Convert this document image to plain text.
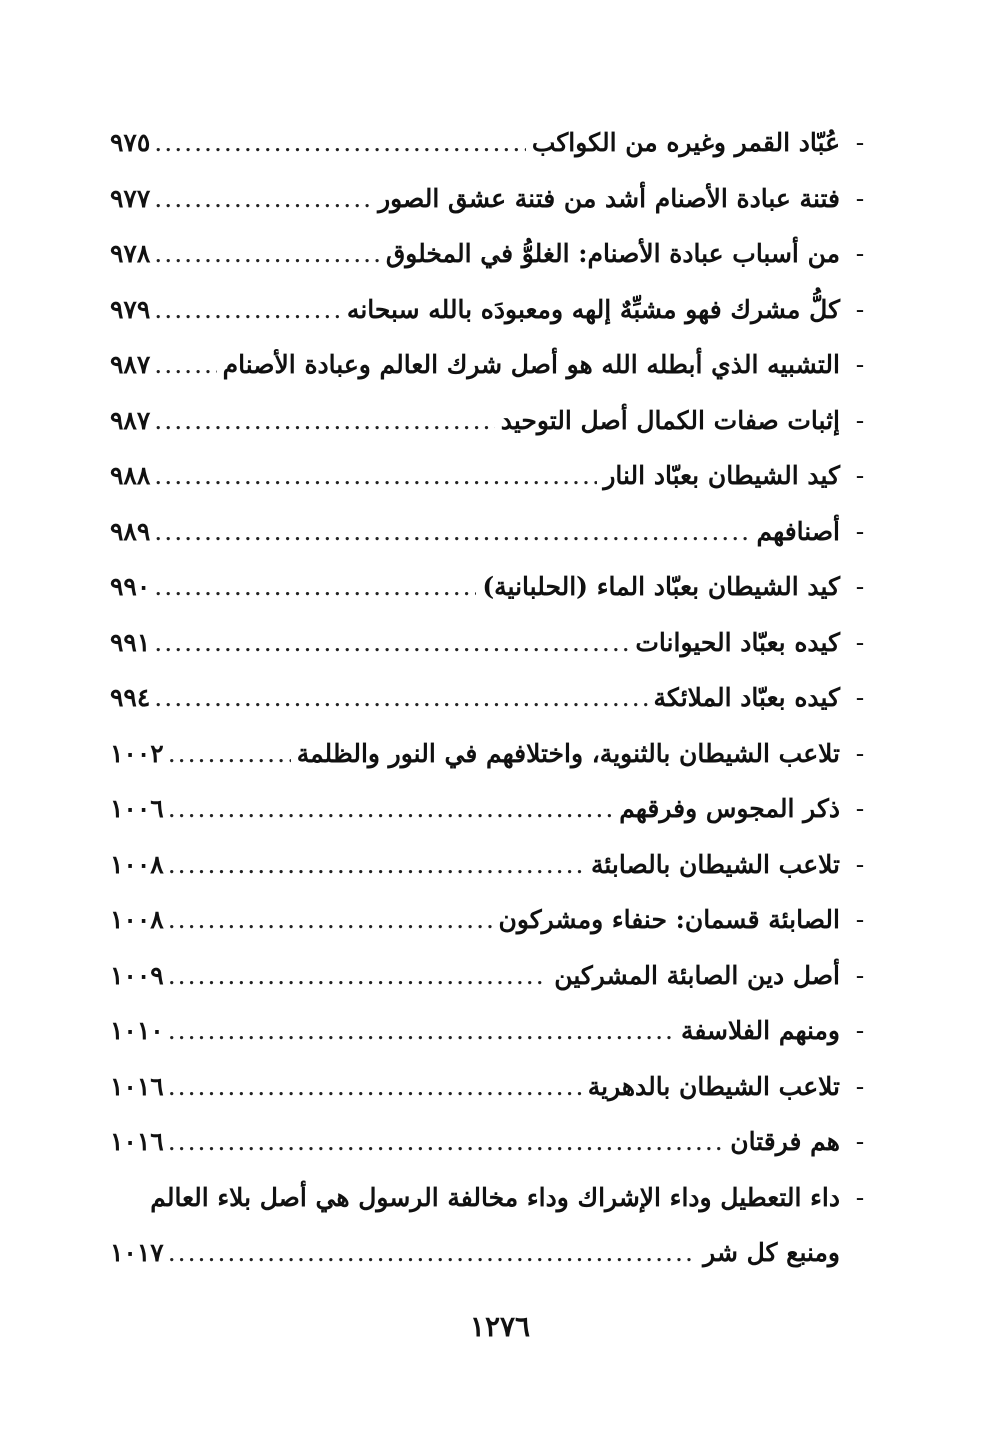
-
عُبّاد القمر وغيره من الكواكب
.....
٩٧٥
-
فتنة عبادة الأصنام أشد من فتنة عشق الصور
.....
٩٧٧
-
من أسباب عبادة الأصنام: الغلوُّ في المخلوق
.....
٩٧٨
-
كلُّ مشرك فهو مشبِّهٌ إلهه ومعبودَه بالله سبحانه
.....
٩٧٩
-
التشبيه الذي أبطله الله هو أصل شرك العالم وعبادة الأصنام
.....
٩٨٧
-
إثبات صفات الكمال أصل التوحيد
.....
٩٨٧
-
كيد الشيطان بعبّاد النار
.....
٩٨٨
-
أصنافهم
.....
٩٨٩
-
كيد الشيطان بعبّاد الماء (الحلبانية)
.....
٩٩٠
-
كيده بعبّاد الحيوانات
.....
٩٩١
-
كيده بعبّاد الملائكة
.....
٩٩٤
-
تلاعب الشيطان بالثنوية، واختلافهم في النور والظلمة
.....
١٠٠٢
-
ذكر المجوس وفرقهم
.....
١٠٠٦
-
تلاعب الشيطان بالصابئة
.....
١٠٠٨
-
الصابئة قسمان: حنفاء ومشركون
.....
١٠٠٨
-
أصل دين الصابئة المشركين
.....
١٠٠٩
-
ومنهم الفلاسفة
.....
١٠١٠
-
تلاعب الشيطان بالدهرية
.....
١٠١٦
-
هم فرقتان
.....
١٠١٦
-
داء التعطيل وداء الإشراك وداء مخالفة الرسول هي أصل بلاء العالم
ومنبع كل شر
.....
١٠١٧
١٢٧٦
